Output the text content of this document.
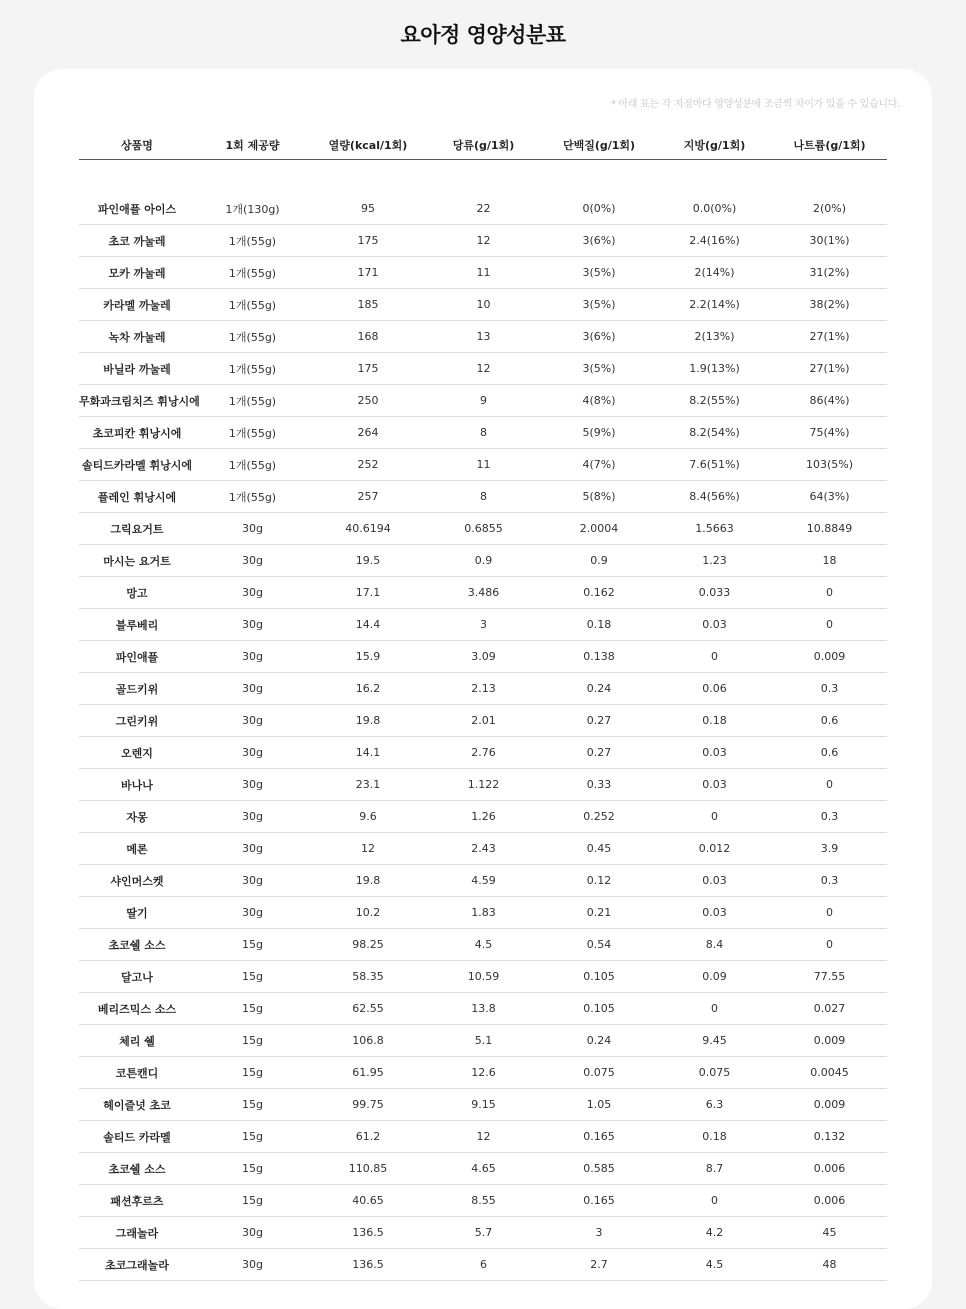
요아정 영양성분표
* 아래 표는 각 지점마다 영양성분에 조금씩 차이가 있을 수 있습니다.
상품명	1회 제공량	열량(kcal/1회)	당류(g/1회)	단백질(g/1회)	지방(g/1회)	나트륨(g/1회)
파인애플 아이스	1개(130g)	95	22	0(0%)	0.0(0%)	2(0%)
초코 까눌레	1개(55g)	175	12	3(6%)	2.4(16%)	30(1%)
모카 까눌레	1개(55g)	171	11	3(5%)	2(14%)	31(2%)
카라멜 까눌레	1개(55g)	185	10	3(5%)	2.2(14%)	38(2%)
녹차 까눌레	1개(55g)	168	13	3(6%)	2(13%)	27(1%)
바닐라 까눌레	1개(55g)	175	12	3(5%)	1.9(13%)	27(1%)
무화과크림치즈 휘낭시에	1개(55g)	250	9	4(8%)	8.2(55%)	86(4%)
초코피칸 휘낭시에	1개(55g)	264	8	5(9%)	8.2(54%)	75(4%)
솔티드카라멜 휘낭시에	1개(55g)	252	11	4(7%)	7.6(51%)	103(5%)
플레인 휘낭시에	1개(55g)	257	8	5(8%)	8.4(56%)	64(3%)
그릭요거트	30g	40.6194	0.6855	2.0004	1.5663	10.8849
마시는 요거트	30g	19.5	0.9	0.9	1.23	18
망고	30g	17.1	3.486	0.162	0.033	0
블루베리	30g	14.4	3	0.18	0.03	0
파인애플	30g	15.9	3.09	0.138	0	0.009
골드키위	30g	16.2	2.13	0.24	0.06	0.3
그린키위	30g	19.8	2.01	0.27	0.18	0.6
오렌지	30g	14.1	2.76	0.27	0.03	0.6
바나나	30g	23.1	1.122	0.33	0.03	0
자몽	30g	9.6	1.26	0.252	0	0.3
메론	30g	12	2.43	0.45	0.012	3.9
샤인머스켓	30g	19.8	4.59	0.12	0.03	0.3
딸기	30g	10.2	1.83	0.21	0.03	0
초코쉘 소스	15g	98.25	4.5	0.54	8.4	0
달고나	15g	58.35	10.59	0.105	0.09	77.55
베리즈믹스 소스	15g	62.55	13.8	0.105	0	0.027
체리 쉘	15g	106.8	5.1	0.24	9.45	0.009
코튼캔디	15g	61.95	12.6	0.075	0.075	0.0045
헤이즐넛 초코	15g	99.75	9.15	1.05	6.3	0.009
솔티드 카라멜	15g	61.2	12	0.165	0.18	0.132
초코쉘 소스	15g	110.85	4.65	0.585	8.7	0.006
패션후르츠	15g	40.65	8.55	0.165	0	0.006
그래놀라	30g	136.5	5.7	3	4.2	45
초코그래놀라	30g	136.5	6	2.7	4.5	48
